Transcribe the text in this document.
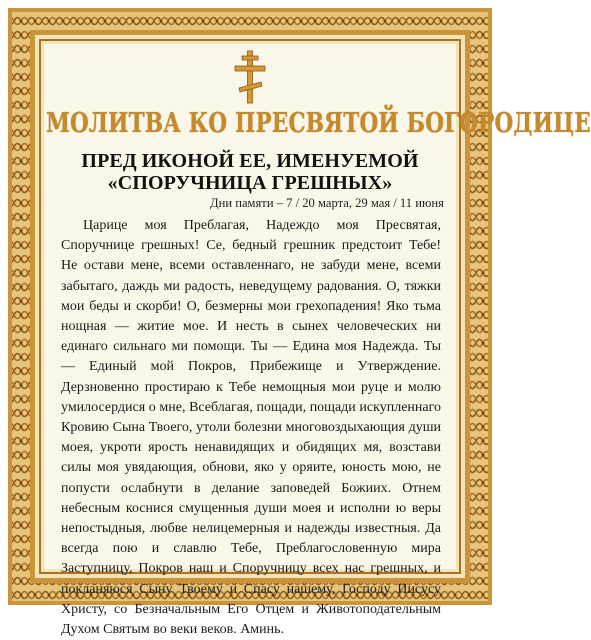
МОЛИТВА КО ПРЕСВЯТОЙ БОГОРОДИЦЕ
ПРЕД ИКОНОЙ ЕЕ, ИМЕНУЕМОЙ
«СПОРУЧНИЦА ГРЕШНЫХ»
Дни памяти – 7 / 20 марта, 29 мая / 11 июня
Царице моя Преблагая, Надеждо моя Пресвятая, Споручнице грешных! Се, бедный грешник предстоит Тебе! Не остави мене, всеми оставленнаго, не забуди мене, всеми забытаго, даждь ми радость, неведущему радования. О, тяжки мои беды и скорби! О, безмерны мои грехопадения! Яко тьма нощная — житие мое. И несть в сынех человеческих ни единаго сильнаго ми помощи. Ты — Едина моя Надежда. Ты — Единый мой Покров, Прибежище и Утверждение. Дерзновенно простираю к Тебе немощныя мои руце и молю умилосердися о мне, Всеблагая, пощади, пощади искупленнаго Кровию Сына Твоего, утоли болезни многовоздыхающия души моея, укроти ярость ненавидящих и обидящих мя, возстави силы моя увядающия, обнови, яко у оряите, юность мою, не попусти ослабнути в делание заповедей Божиих. Отнем небесным коснися смущенныя души моея и исполни ю веры непостыдныя, любве нелицемерныя и надежды известныя. Да всегда пою и славлю Тебе, Преблагословенную мира Заступницу, Покров наш и Споручницу всех нас грешных, и покланяюся Сыну Твоему и Спасу нашему, Господу Иисусу Христу, со Безначальным Его Отцем и Животоподательным Духом Святым во веки веков. Аминь.
